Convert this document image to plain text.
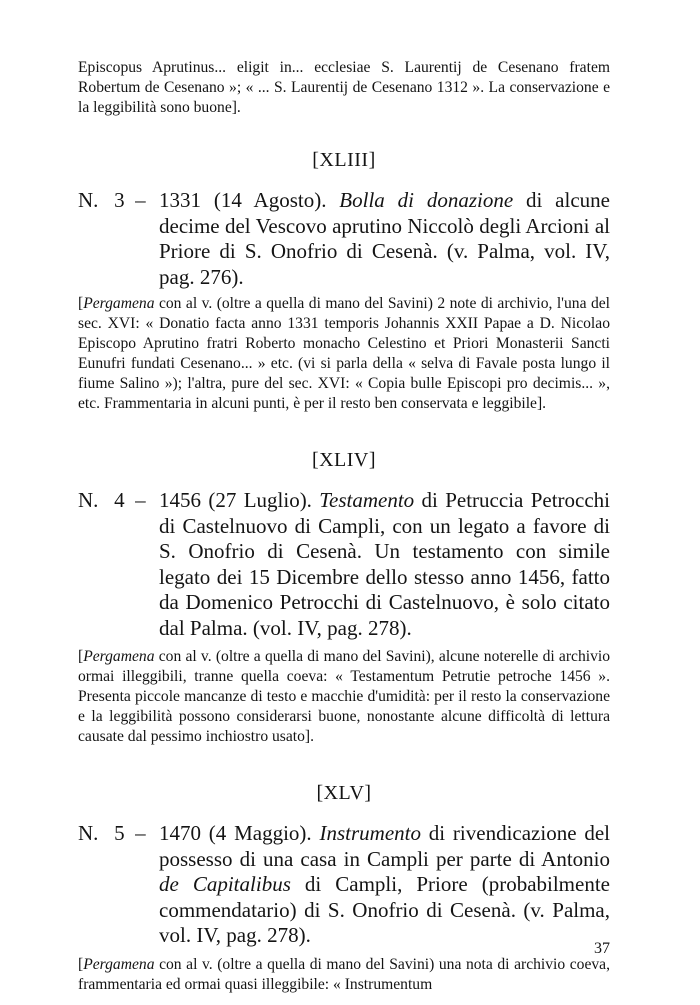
Episcopus Aprutinus... eligit in... ecclesiae S. Laurentij de Cesenano fratem Robertum de Cesenano »; « ... S. Laurentij de Cesenano 1312 ». La conservazione e la leggibilità sono buone].

[XLIII]
N.   3  – 1331 (14 Agosto). Bolla di donazione di alcune decime del Vescovo aprutino Niccolò degli Arcioni al Priore di S. Onofrio di Cesenà. (v. Palma, vol. IV, pag. 276).

[Pergamena con al v. (oltre a quella di mano del Savini) 2 note di archivio, l'una del sec. XVI: « Donatio facta anno 1331 temporis Johannis XXII Papae a D. Nicolao Episcopo Aprutino fratri Roberto monacho Celestino et Priori Monasterii Sancti Eunufri fundati Cesenano... » etc. (vi si parla della « selva di Favale posta lungo il fiume Salino »); l'altra, pure del sec. XVI: « Copia bulle Episcopi pro decimis... », etc. Frammentaria in alcuni punti, è per il resto ben conservata e leggibile].

[XLIV]
N.   4  – 1456 (27 Luglio). Testamento di Petruccia Petrocchi di Castelnuovo di Campli, con un legato a favore di S. Onofrio di Cesenà. Un testamento con simile legato dei 15 Dicembre dello stesso anno 1456, fatto da Domenico Petrocchi di Castelnuovo, è solo citato dal Palma. (vol. IV, pag. 278).

[Pergamena con al v. (oltre a quella di mano del Savini), alcune noterelle di archivio ormai illeggibili, tranne quella coeva: « Testamentum Petrutie petroche 1456 ». Presenta piccole mancanze di testo e macchie d'umidità: per il resto la conservazione e la leggibilità possono considerarsi buone, nonostante alcune difficoltà di lettura causate dal pessimo inchiostro usato].

[XLV]
N.   5  – 1470 (4 Maggio). Instrumento di rivendicazione del possesso di una casa in Campli per parte di Antonio de Capitalibus di Campli, Priore (probabilmente commendatario) di S. Onofrio di Cesenà. (v. Palma, vol. IV, pag. 278).

[Pergamena con al v. (oltre a quella di mano del Savini) una nota di archivio coeva, frammentaria ed ormai quasi illeggibile: « Instrumentum

37
